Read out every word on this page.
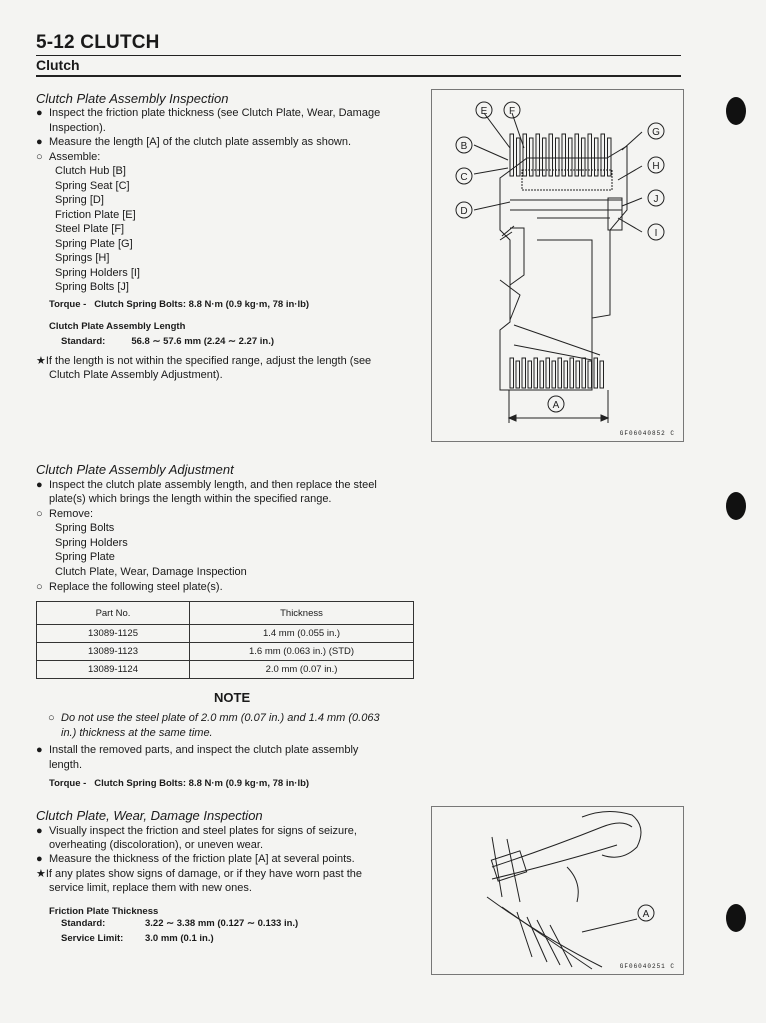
5-12 CLUTCH
Clutch
Clutch Plate Assembly Inspection
● Inspect the friction plate thickness (see Clutch Plate, Wear, Damage
Inspection).
● Measure the length [A] of the clutch plate assembly as shown.
○ Assemble:
Clutch Hub [B]
Spring Seat [C]
Spring [D]
Friction Plate [E]
Steel Plate [F]
Spring Plate [G]
Springs [H]
Spring Holders [I]
Spring Bolts [J]
Torque - Clutch Spring Bolts: 8.8 N·m (0.9 kg·m, 78 in·lb)
Clutch Plate Assembly Length
Standard:	56.8 ∼ 57.6 mm (2.24 ∼ 2.27 in.)
★If the length is not within the specified range, adjust the length (see
Clutch Plate Assembly Adjustment).
E F
B
C
D
G
H
J
I
A
GF06040852 C
Clutch Plate Assembly Adjustment
● Inspect the clutch plate assembly length, and then replace the steel
plate(s) which brings the length within the specified range.
○ Remove:
Spring Bolts
Spring Holders
Spring Plate
Clutch Plate, Wear, Damage Inspection
○ Replace the following steel plate(s).
Part No.	Thickness
13089-1125	1.4 mm (0.055 in.)
13089-1123	1.6 mm (0.063 in.) (STD)
13089-1124	2.0 mm (0.07 in.)
NOTE
○ Do not use the steel plate of 2.0 mm (0.07 in.) and 1.4 mm (0.063
in.) thickness at the same time.
● Install the removed parts, and inspect the clutch plate assembly
length.
Torque - Clutch Spring Bolts: 8.8 N·m (0.9 kg·m, 78 in·lb)
Clutch Plate, Wear, Damage Inspection
● Visually inspect the friction and steel plates for signs of seizure,
overheating (discoloration), or uneven wear.
● Measure the thickness of the friction plate [A] at several points.
★If any plates show signs of damage, or if they have worn past the
service limit, replace them with new ones.
Friction Plate Thickness
Standard:	3.22 ∼ 3.38 mm (0.127 ∼ 0.133 in.)
Service Limit: 3.0 mm (0.1 in.)
A
GF06040251 C
